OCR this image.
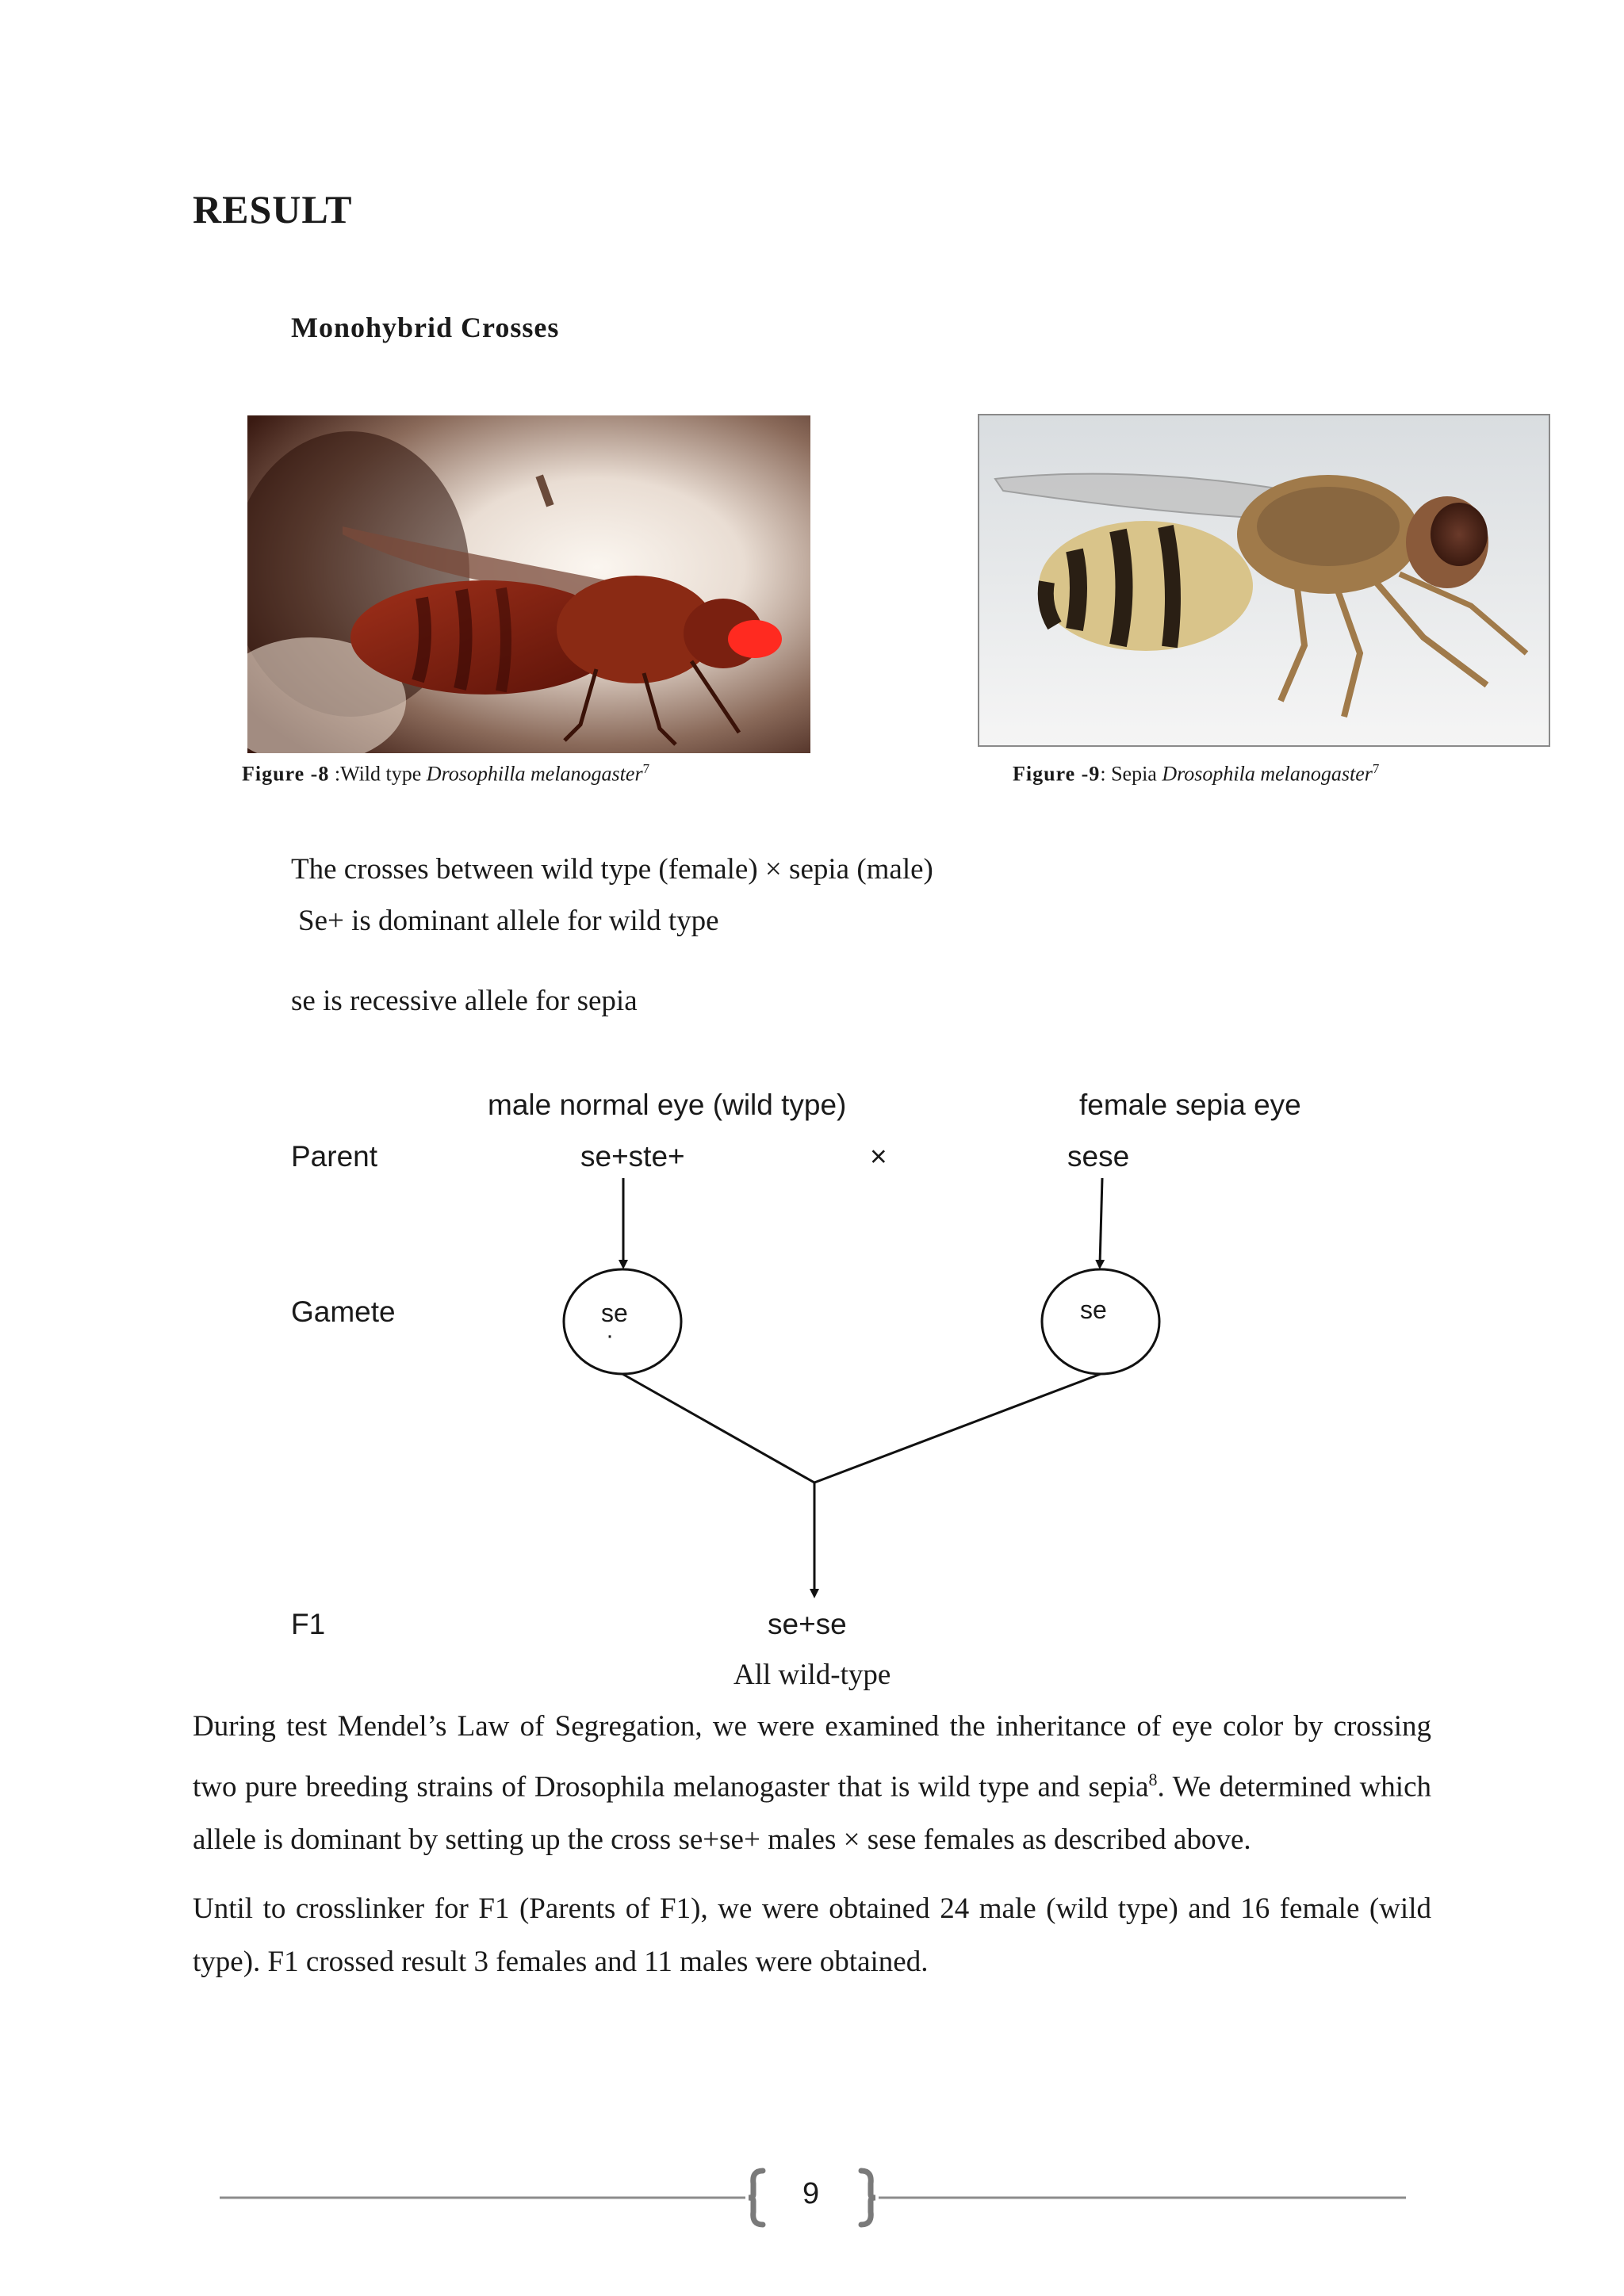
RESULT
Monohybrid Crosses
Figure -8 :Wild type Drosophilla melanogaster$^7$	Figure -9: Sepia Drosophila melanogaster$^7$
The crosses between wild type (female) × sepia (male)
Se+ is dominant allele for wild type
se is recessive allele for sepia
male normal eye (wild type)	female sepia eye
Parent	se+ste+	×	sese
Gamete	se
·
se
F1	se+se
All wild-type
During test Mendel’s Law of Segregation, we were examined the inheritance of eye color by crossing two pure breeding strains of Drosophila melanogaster that is wild type and sepia$^8$. We determined which allele is dominant by setting up the cross se+se+ males × sese females as described above.
Until to crosslinker for F1 (Parents of F1), we were obtained 24 male (wild type) and 16 female (wild type). F1 crossed result 3 females and 11 males were obtained.
9
